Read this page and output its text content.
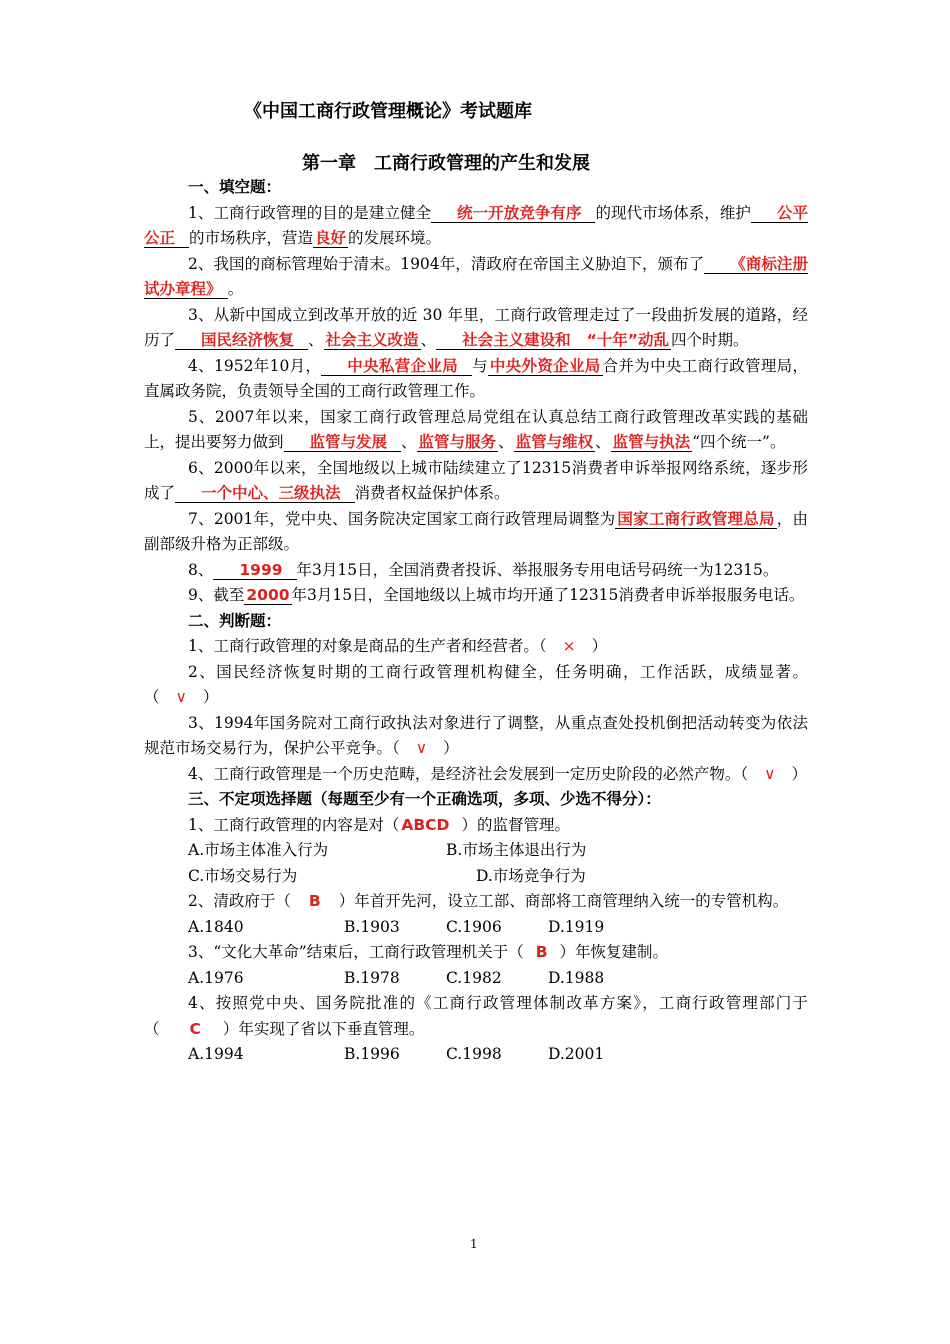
《中国工商行政管理概论》考试题库
第一章　工商行政管理的产生和发展

一、填空题：

1、工商行政管理的目的是建立健全 统一开放竞争有序 的现代市场体系，维护 公平公正 的市场秩序，营造 良好 的发展环境。

2、我国的商标管理始于清末。1904年，清政府在帝国主义胁迫下，颁布了 《商标注册试办章程》 。

3、从新中国成立到改革开放的近 30 年里，工商行政管理走过了一段曲折发展的道路，经历了 国民经济恢复 、 社会主义改造 、 社会主义建设和 “十年”动乱 四个时期。

4、1952年10月， 中央私营企业局 与 中央外资企业局 合并为中央工商行政管理局，直属政务院，负责领导全国的工商行政管理工作。

5、2007年以来，国家工商行政管理总局党组在认真总结工商行政管理改革实践的基础上，提出要努力做到 监管与发展 、 监管与服务 、 监管与维权 、 监管与执法 “四个统一”。

6、2000年以来，全国地级以上城市陆续建立了12315消费者申诉举报网络系统，逐步形成了 一个中心、三级执法 消费者权益保护体系。

7、2001年，党中央、国务院决定国家工商行政管理局调整为 国家工商行政管理总局 ，由副部级升格为正部级。

8、 1999 年3月15日，全国消费者投诉、举报服务专用电话号码统一为12315。

9、截至 2000 年3月15日，全国地级以上城市均开通了12315消费者申诉举报服务电话。

二、判断题：

1、工商行政管理的对象是商品的生产者和经营者。（ × ）

2、国民经济恢复时期的工商行政管理机构健全，任务明确，工作活跃，成绩显著。（ ∨ ）

3、1994年国务院对工商行政执法对象进行了调整，从重点查处投机倒把活动转变为依法规范市场交易行为，保护公平竞争。（ ∨ ）

4、工商行政管理是一个历史范畴，是经济社会发展到一定历史阶段的必然产物。（ ∨ ）

三、不定项选择题（每题至少有一个正确选项，多项、少选不得分）：

1、工商行政管理的内容是对（ ABCD ）的监督管理。

A.市场主体准入行为	B.市场主体退出行为
C.市场交易行为	D.市场竞争行为

2、清政府于（ B ）年首开先河，设立工部、商部将工商管理纳入统一的专管机构。

A.1840	B.1903	C.1906	D.1919

3、“文化大革命”结束后，工商行政管理机关于（ B ）年恢复建制。

A.1976	B.1978	C.1982	D.1988

4、按照党中央、国务院批准的《工商行政管理体制改革方案》，工商行政管理部门于（ C ）年实现了省以下垂直管理。

A.1994	B.1996	C.1998	D.2001
1
